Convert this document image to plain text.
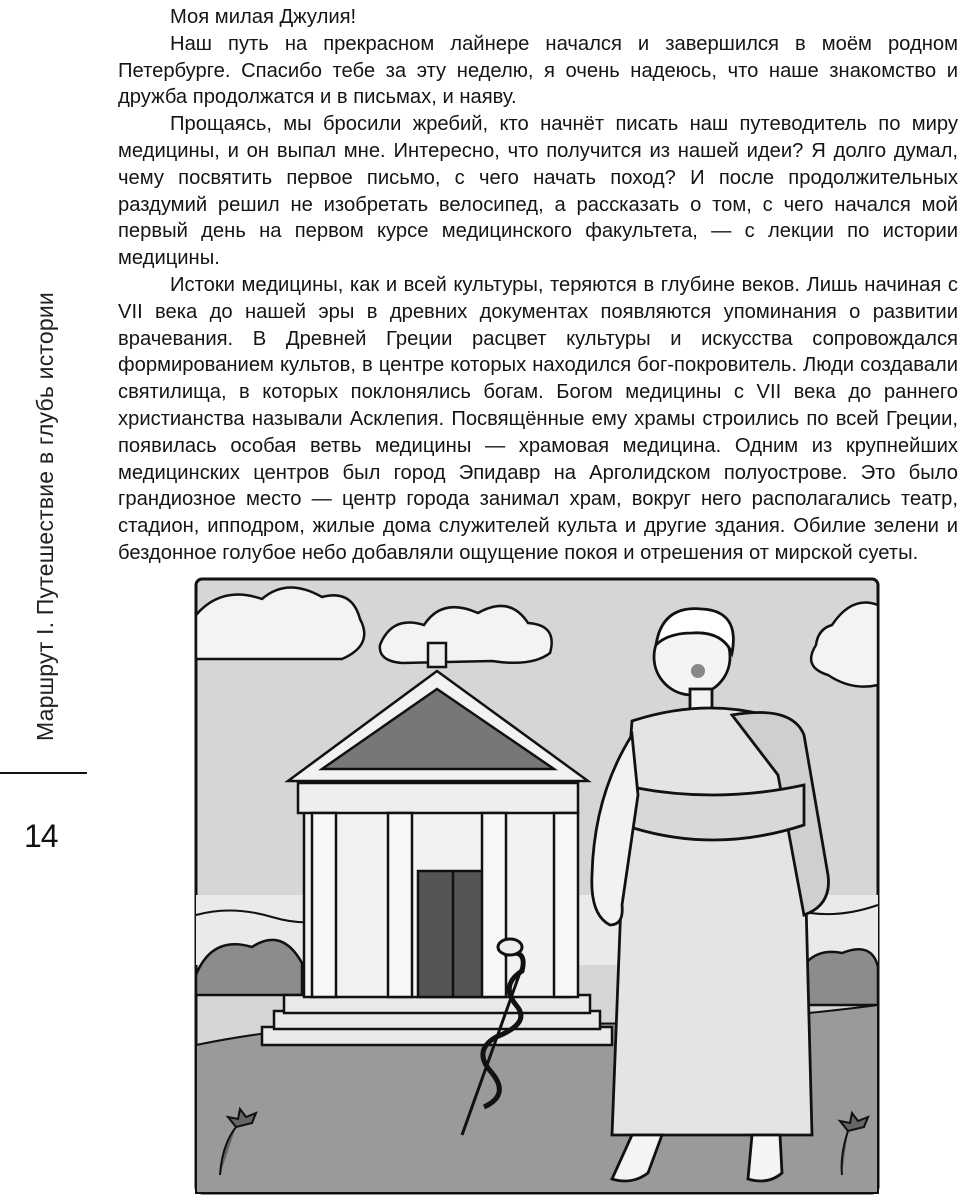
Маршрут I. Путешествие в глубь истории
14

Моя милая Джулия!

Наш путь на прекрасном лайнере начался и завершился в моём родном Петербурге. Спасибо тебе за эту неделю, я очень надеюсь, что наше знакомство и дружба продолжатся и в письмах, и наяву.

Прощаясь, мы бросили жребий, кто начнёт писать наш путеводитель по миру медицины, и он выпал мне. Интересно, что получится из нашей идеи? Я долго думал, чему посвятить первое письмо, с чего начать поход? И после продолжительных раздумий решил не изобретать велосипед, а рассказать о том, с чего начался мой первый день на первом курсе медицинского факультета, — с лекции по истории медицины.

Истоки медицины, как и всей культуры, теряются в глубине веков. Лишь начиная с VII века до нашей эры в древних документах появляются упоминания о развитии врачевания. В Древней Греции расцвет культуры и искусства сопровождался формированием культов, в центре которых находился бог-покровитель. Люди создавали святилища, в которых поклонялись богам. Богом медицины с VII века до раннего христианства называли Асклепия. Посвящённые ему храмы строились по всей Греции, появилась особая ветвь медицины — храмовая медицина. Одним из крупнейших медицинских центров был город Эпидавр на Арголидском полуострове. Это было грандиозное место — центр города занимал храм, вокруг него располагались театр, стадион, ипподром, жилые дома служителей культа и другие здания. Обилие зелени и бездонное голубое небо добавляли ощущение покоя и отрешения от мирской суеты.
